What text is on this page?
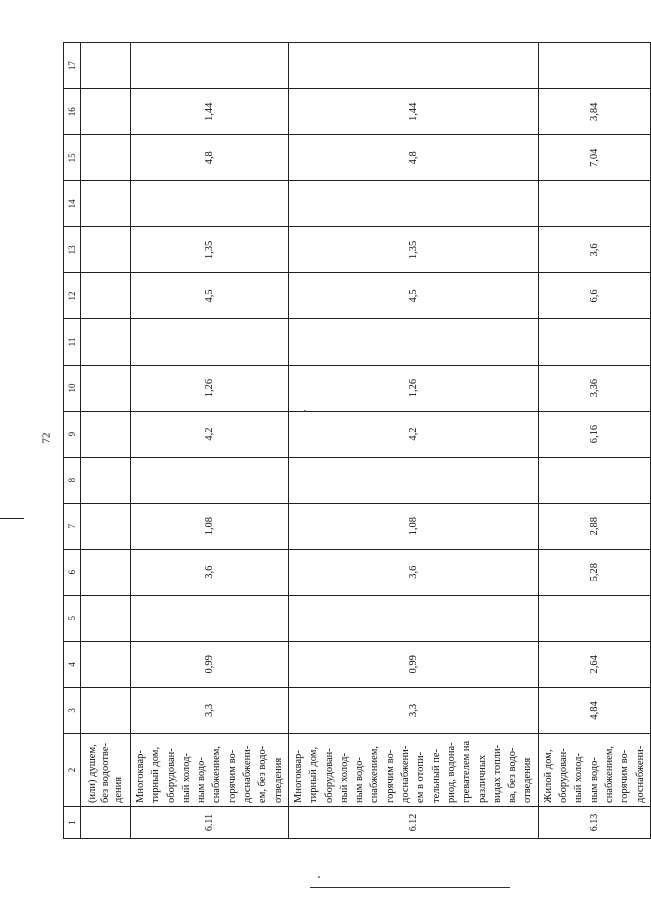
72
1	2	3	4	5	6	7	8	9	10	11	12	13	14	15	16	17
	(или) душем, без водоотве-дения															
6.11	Многоквар-тирный дом, оборудован-ный холод-ным водо-снабжением, горячим во-доснабжени-ем, без водо-отведения	3,3	0,99		3,6	1,08		4,2	1,26		4,5	1,35		4,8	1,44	
6.12	Многоквар-тирный дом, оборудован-ный холод-ным водо-снабжением, горячим во-доснабжени-ем в отопи-тельный пе-риод, водона-гревателем на различных видах топли-ва, без водо-отведения	3,3	0,99		3,6	1,08		4,2	1,26		4,5	1,35		4,8	1,44	
6.13	Жилой дом, оборудован-ный холод-ным водо-снабжением, горячим во-доснабжени-	4,84	2,64		5,28	2,88		6,16	3,36		6,6	3,6		7,04	3,84	
